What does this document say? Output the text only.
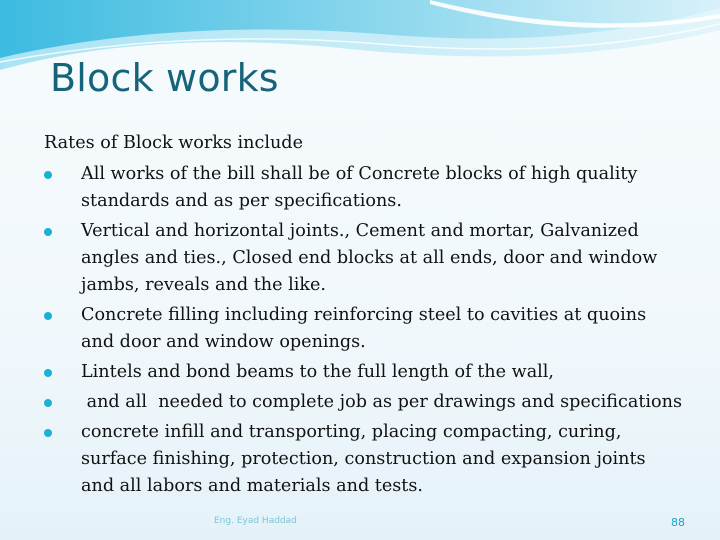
Block works

Rates of Block works include

All works of the bill shall be of Concrete blocks of high quality standards and as per specifications.
Vertical and horizontal joints., Cement and mortar, Galvanized angles and ties., Closed end blocks at all ends, door and window jambs, reveals and the like.
Concrete filling including reinforcing steel to cavities at quoins and door and window openings.
Lintels and bond beams to the full length of the wall,
and all  needed to complete job as per drawings and specifications
concrete infill and transporting, placing compacting, curing, surface finishing, protection, construction and expansion joints and all labors and materials and tests.
Eng. Eyad Haddad	88
